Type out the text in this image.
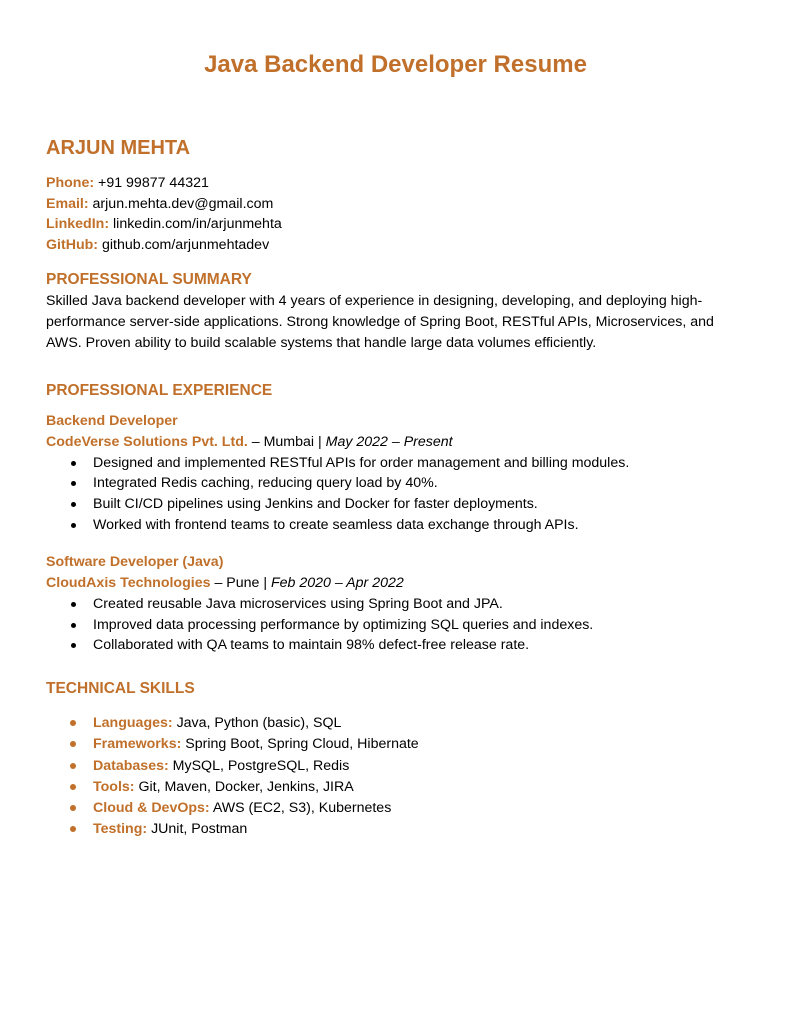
Java Backend Developer Resume
ARJUN MEHTA
Phone: +91 99877 44321
Email: arjun.mehta.dev@gmail.com
LinkedIn: linkedin.com/in/arjunmehta
GitHub: github.com/arjunmehtadev
PROFESSIONAL SUMMARY

Skilled Java backend developer with 4 years of experience in designing, developing, and deploying high-performance server-side applications. Strong knowledge of Spring Boot, RESTful APIs, Microservices, and AWS. Proven ability to build scalable systems that handle large data volumes efficiently.

PROFESSIONAL EXPERIENCE
Backend Developer
CodeVerse Solutions Pvt. Ltd. – Mumbai | May 2022 – Present
Designed and implemented RESTful APIs for order management and billing modules.
Integrated Redis caching, reducing query load by 40%.
Built CI/CD pipelines using Jenkins and Docker for faster deployments.
Worked with frontend teams to create seamless data exchange through APIs.
Software Developer (Java)
CloudAxis Technologies – Pune | Feb 2020 – Apr 2022
Created reusable Java microservices using Spring Boot and JPA.
Improved data processing performance by optimizing SQL queries and indexes.
Collaborated with QA teams to maintain 98% defect-free release rate.
TECHNICAL SKILLS
Languages: Java, Python (basic), SQL
Frameworks: Spring Boot, Spring Cloud, Hibernate
Databases: MySQL, PostgreSQL, Redis
Tools: Git, Maven, Docker, Jenkins, JIRA
Cloud & DevOps: AWS (EC2, S3), Kubernetes
Testing: JUnit, Postman
